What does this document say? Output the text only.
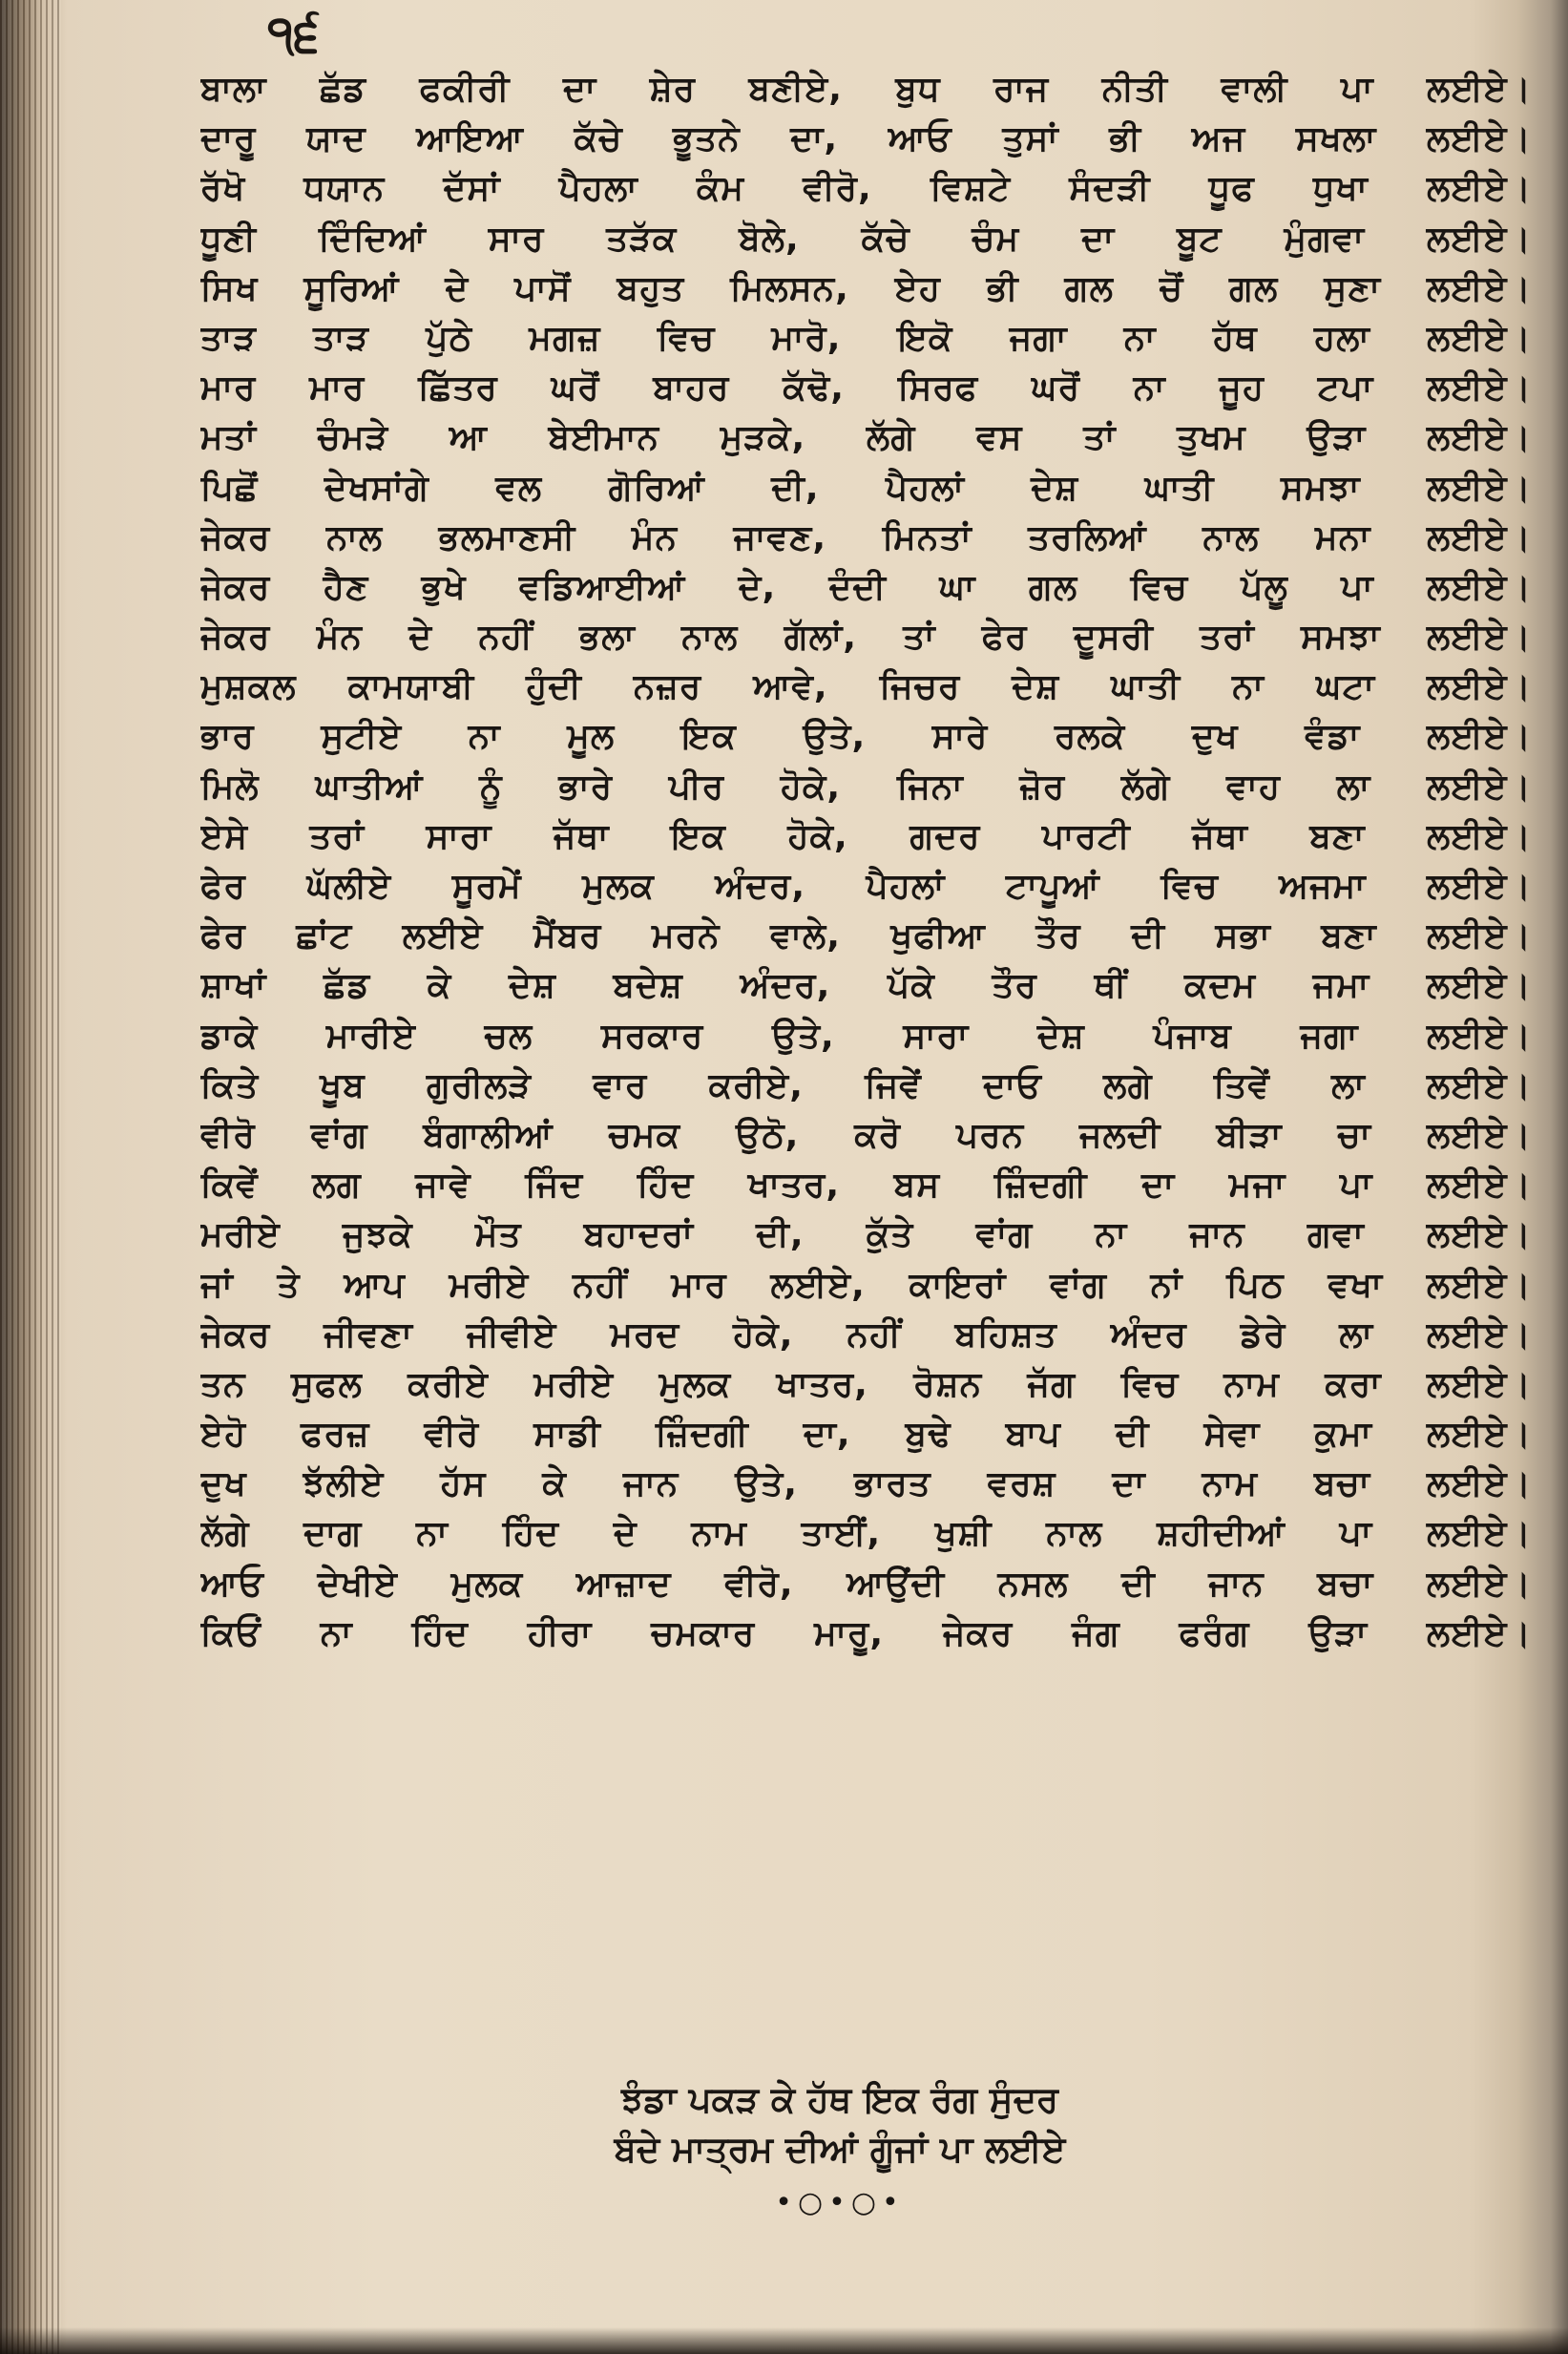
੧੬
ਬਾਲਾ ਛੱਡ ਫਕੀਰੀ ਦਾ ਸ਼ੇਰ ਬਣੀਏ, ਬੁਧ ਰਾਜ ਨੀਤੀ ਵਾਲੀ ਪਾ ਲਈਏ।
ਦਾਰੂ ਯਾਦ ਆਇਆ ਕੱਚੇ ਭੂਤਨੇ ਦਾ, ਆਓ ਤੁਸਾਂ ਭੀ ਅਜ ਸਖਲਾ ਲਈਏ।
ਰੱਖੋ ਧਯਾਨ ਦੱਸਾਂ ਪੈਹਲਾ ਕੰਮ ਵੀਰੋ, ਵਿਸ਼ਟੇ ਸੰਦੜੀ ਧੂਫ ਧੁਖਾ ਲਈਏ।
ਧੂਣੀ ਦਿੰਦਿਆਂ ਸਾਰ ਤੜੱਕ ਬੋਲੇ, ਕੱਚੇ ਚੰਮ ਦਾ ਬੂਟ ਮੁੰਗਵਾ ਲਈਏ।
ਸਿਖ ਸੂਰਿਆਂ ਦੇ ਪਾਸੋਂ ਬਹੁਤ ਮਿਲਸਨ, ਏਹ ਭੀ ਗਲ ਚੋਂ ਗਲ ਸੁਣਾ ਲਈਏ।
ਤਾੜ ਤਾੜ ਪੁੱਠੇ ਮਗਜ਼ ਵਿਚ ਮਾਰੋ, ਇਕੋ ਜਗਾ ਨਾ ਹੱਥ ਹਲਾ ਲਈਏ।
ਮਾਰ ਮਾਰ ਛਿੱਤਰ ਘਰੋਂ ਬਾਹਰ ਕੱਢੋ, ਸਿਰਫ ਘਰੋਂ ਨਾ ਜੂਹ ਟਪਾ ਲਈਏ।
ਮਤਾਂ ਚੰਮੜੇ ਆ ਬੇਈਮਾਨ ਮੁੜਕੇ, ਲੱਗੇ ਵਸ ਤਾਂ ਤੁਖਮ ਉੜਾ ਲਈਏ।
ਪਿਛੋਂ ਦੇਖਸਾਂਗੇ ਵਲ ਗੋਰਿਆਂ ਦੀ, ਪੈਹਲਾਂ ਦੇਸ਼ ਘਾਤੀ ਸਮਝਾ ਲਈਏ।
ਜੇਕਰ ਨਾਲ ਭਲਮਾਣਸੀ ਮੰਨ ਜਾਵਣ, ਮਿਨਤਾਂ ਤਰਲਿਆਂ ਨਾਲ ਮਨਾ ਲਈਏ।
ਜੇਕਰ ਹੈਣ ਭੁਖੇ ਵਡਿਆਈਆਂ ਦੇ, ਦੰਦੀ ਘਾ ਗਲ ਵਿਚ ਪੱਲੂ ਪਾ ਲਈਏ।
ਜੇਕਰ ਮੰਨ ਦੇ ਨਹੀਂ ਭਲਾ ਨਾਲ ਗੱਲਾਂ, ਤਾਂ ਫੇਰ ਦੂਸਰੀ ਤਰਾਂ ਸਮਝਾ ਲਈਏ।
ਮੁਸ਼ਕਲ ਕਾਮਯਾਬੀ ਹੁੰਦੀ ਨਜ਼ਰ ਆਵੇ, ਜਿਚਰ ਦੇਸ਼ ਘਾਤੀ ਨਾ ਘਟਾ ਲਈਏ।
ਭਾਰ ਸੁਟੀਏ ਨਾ ਮੂਲ ਇਕ ਉਤੇ, ਸਾਰੇ ਰਲਕੇ ਦੁਖ ਵੰਡਾ ਲਈਏ।
ਮਿਲੋ ਘਾਤੀਆਂ ਨੂੰ ਭਾਰੇ ਪੀਰ ਹੋਕੇ, ਜਿਨਾ ਜ਼ੋਰ ਲੱਗੇ ਵਾਹ ਲਾ ਲਈਏ।
ਏਸੇ ਤਰਾਂ ਸਾਰਾ ਜੱਥਾ ਇਕ ਹੋਕੇ, ਗਦਰ ਪਾਰਟੀ ਜੱਥਾ ਬਣਾ ਲਈਏ।
ਫੇਰ ਘੱਲੀਏ ਸੂਰਮੇਂ ਮੁਲਕ ਅੰਦਰ, ਪੈਹਲਾਂ ਟਾਪੂਆਂ ਵਿਚ ਅਜਮਾ ਲਈਏ।
ਫੇਰ ਛਾਂਟ ਲਈਏ ਮੈਂਬਰ ਮਰਨੇ ਵਾਲੇ, ਖੁਫੀਆ ਤੌਰ ਦੀ ਸਭਾ ਬਣਾ ਲਈਏ।
ਸ਼ਾਖਾਂ ਛੱਡ ਕੇ ਦੇਸ਼ ਬਦੇਸ਼ ਅੰਦਰ, ਪੱਕੇ ਤੌਰ ਥੀਂ ਕਦਮ ਜਮਾ ਲਈਏ।
ਡਾਕੇ ਮਾਰੀਏ ਚਲ ਸਰਕਾਰ ਉਤੇ, ਸਾਰਾ ਦੇਸ਼ ਪੰਜਾਬ ਜਗਾ ਲਈਏ।
ਕਿਤੇ ਖੂਬ ਗੁਰੀਲੜੇ ਵਾਰ ਕਰੀਏ, ਜਿਵੇਂ ਦਾਓ ਲਗੇ ਤਿਵੇਂ ਲਾ ਲਈਏ।
ਵੀਰੋ ਵਾਂਗ ਬੰਗਾਲੀਆਂ ਚਮਕ ਉਠੋ, ਕਰੋ ਪਰਨ ਜਲਦੀ ਬੀੜਾ ਚਾ ਲਈਏ।
ਕਿਵੇਂ ਲਗ ਜਾਵੇ ਜਿੰਦ ਹਿੰਦ ਖਾਤਰ, ਬਸ ਜ਼ਿੰਦਗੀ ਦਾ ਮਜਾ ਪਾ ਲਈਏ।
ਮਰੀਏ ਜੁਝਕੇ ਮੌਤ ਬਹਾਦਰਾਂ ਦੀ, ਕੁੱਤੇ ਵਾਂਗ ਨਾ ਜਾਨ ਗਵਾ ਲਈਏ।
ਜਾਂ ਤੇ ਆਪ ਮਰੀਏ ਨਹੀਂ ਮਾਰ ਲਈਏ, ਕਾਇਰਾਂ ਵਾਂਗ ਨਾਂ ਪਿਠ ਵਖਾ ਲਈਏ।
ਜੇਕਰ ਜੀਵਣਾ ਜੀਵੀਏ ਮਰਦ ਹੋਕੇ, ਨਹੀਂ ਬਹਿਸ਼ਤ ਅੰਦਰ ਡੇਰੇ ਲਾ ਲਈਏ।
ਤਨ ਸੁਫਲ ਕਰੀਏ ਮਰੀਏ ਮੁਲਕ ਖਾਤਰ, ਰੋਸ਼ਨ ਜੱਗ ਵਿਚ ਨਾਮ ਕਰਾ ਲਈਏ।
ਏਹੋ ਫਰਜ਼ ਵੀਰੋ ਸਾਡੀ ਜ਼ਿੰਦਗੀ ਦਾ, ਬੁਢੇ ਬਾਪ ਦੀ ਸੇਵਾ ਕੁਮਾ ਲਈਏ।
ਦੁਖ ਝੱਲੀਏ ਹੱਸ ਕੇ ਜਾਨ ਉਤੇ, ਭਾਰਤ ਵਰਸ਼ ਦਾ ਨਾਮ ਬਚਾ ਲਈਏ।
ਲੱਗੇ ਦਾਗ ਨਾ ਹਿੰਦ ਦੇ ਨਾਮ ਤਾਈਂ, ਖੁਸ਼ੀ ਨਾਲ ਸ਼ਹੀਦੀਆਂ ਪਾ ਲਈਏ।
ਆਓ ਦੇਖੀਏ ਮੁਲਕ ਆਜ਼ਾਦ ਵੀਰੋ, ਆਉਂਦੀ ਨਸਲ ਦੀ ਜਾਨ ਬਚਾ ਲਈਏ।
ਕਿਓਂ ਨਾ ਹਿੰਦ ਹੀਰਾ ਚਮਕਾਰ ਮਾਰੂ, ਜੇਕਰ ਜੰਗ ਫਰੰਗ ਉੜਾ ਲਈਏ।
ਝੰਡਾ ਪਕੜ ਕੇ ਹੱਥ ਇਕ ਰੰਗ ਸੁੰਦਰ
ਬੰਦੇ ਮਾਤ੍ਰਮ ਦੀਆਂ ਗੂੰਜਾਂ ਪਾ ਲਈਏ
•○•○•
